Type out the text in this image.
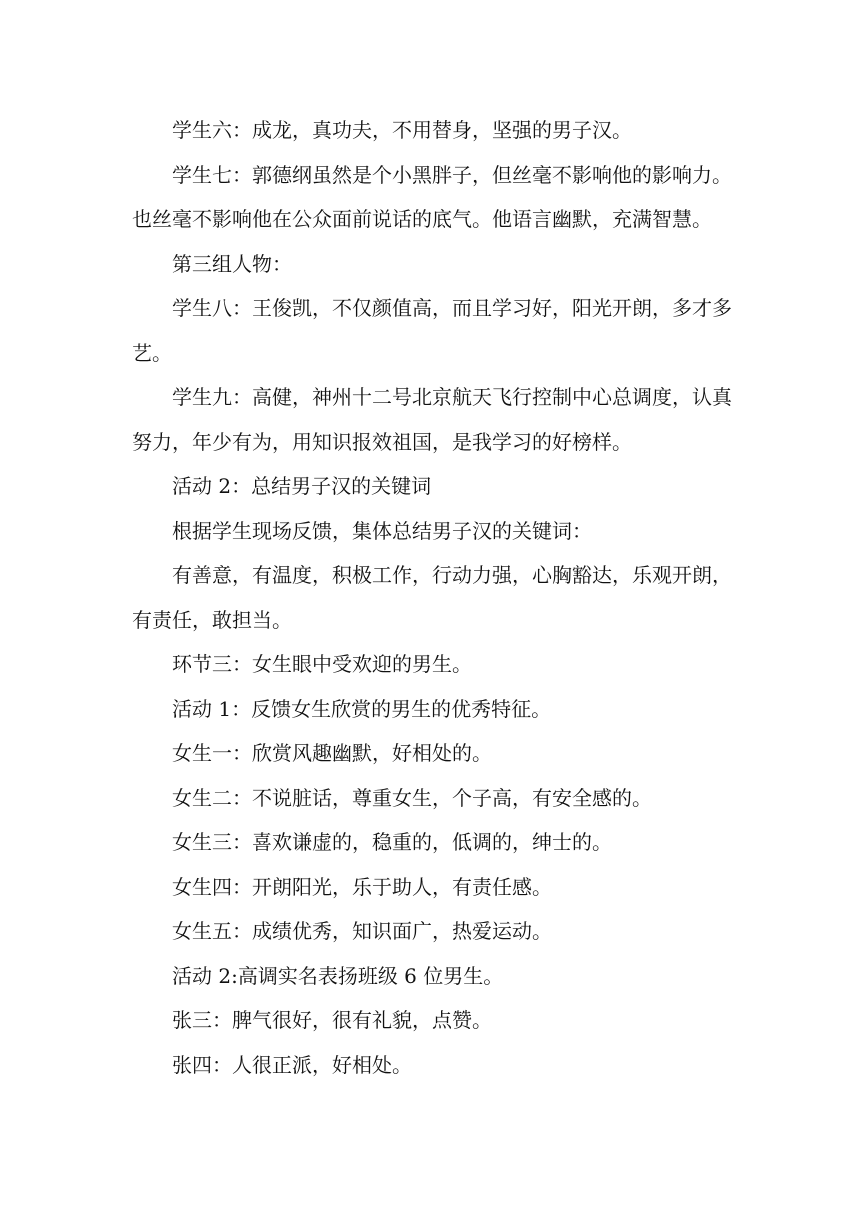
学生六：成龙，真功夫，不用替身，坚强的男子汉。

学生七：郭德纲虽然是个小黑胖子，但丝毫不影响他的影响力。也丝毫不影响他在公众面前说话的底气。他语言幽默，充满智慧。

第三组人物：

学生八：王俊凯，不仅颜值高，而且学习好，阳光开朗，多才多艺。

学生九：高健，神州十二号北京航天飞行控制中心总调度，认真努力，年少有为，用知识报效祖国，是我学习的好榜样。

活动 2：总结男子汉的关键词

根据学生现场反馈，集体总结男子汉的关键词：

有善意，有温度，积极工作，行动力强，心胸豁达，乐观开朗，有责任，敢担当。

环节三：女生眼中受欢迎的男生。

活动 1：反馈女生欣赏的男生的优秀特征。

女生一：欣赏风趣幽默，好相处的。

女生二：不说脏话，尊重女生，个子高，有安全感的。

女生三：喜欢谦虚的，稳重的，低调的，绅士的。

女生四：开朗阳光，乐于助人，有责任感。

女生五：成绩优秀，知识面广，热爱运动。

活动 2:高调实名表扬班级 6 位男生。

张三：脾气很好，很有礼貌，点赞。

张四：人很正派，好相处。
